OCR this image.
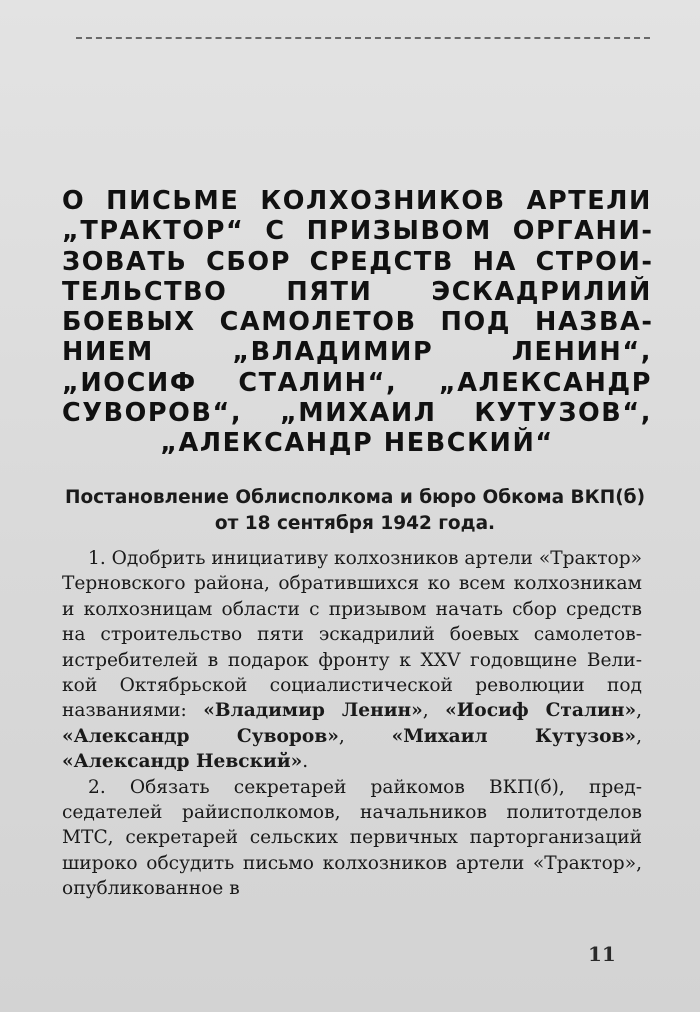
О ПИСЬМЕ КОЛХОЗНИКОВ АРТЕЛИ „ТРАКТОР“ С ПРИЗЫВОМ ОРГАНИЗОВАТЬ СБОР СРЕДСТВ НА СТРОИТЕЛЬСТВО ПЯТИ ЭСКАДРИЛИЙ БОЕВЫХ САМОЛЕТОВ ПОД НАЗВАНИЕМ „ВЛАДИМИР ЛЕНИН“, „ИОСИФ СТАЛИН“, „АЛЕКСАНДР СУВОРОВ“, „МИХАИЛ КУТУЗОВ“, „АЛЕКСАНДР НЕВСКИЙ“
Постановление Облисполкома и бюро Обкома ВКП(б) от 18 сентября 1942 года.

1. Одобрить инициативу колхозников артели «Трактор» Терновского района, обратившихся ко всем колхозникам и колхозницам области с призывом начать сбор средств на строительство пяти эскадрилий боевых самолетов-истребителей в подарок фронту к XXV годовщине Великой Октябрьской социалистической революции под названиями: «Владимир Ленин», «Иосиф Сталин», «Александр Суворов», «Михаил Кутузов», «Александр Невский».

2. Обязать секретарей райкомов ВКП(б), председателей райисполкомов, начальников политотделов МТС, секретарей сельских первичных парторганизаций широко обсудить письмо колхозников артели «Трактор», опубликованное в

11
